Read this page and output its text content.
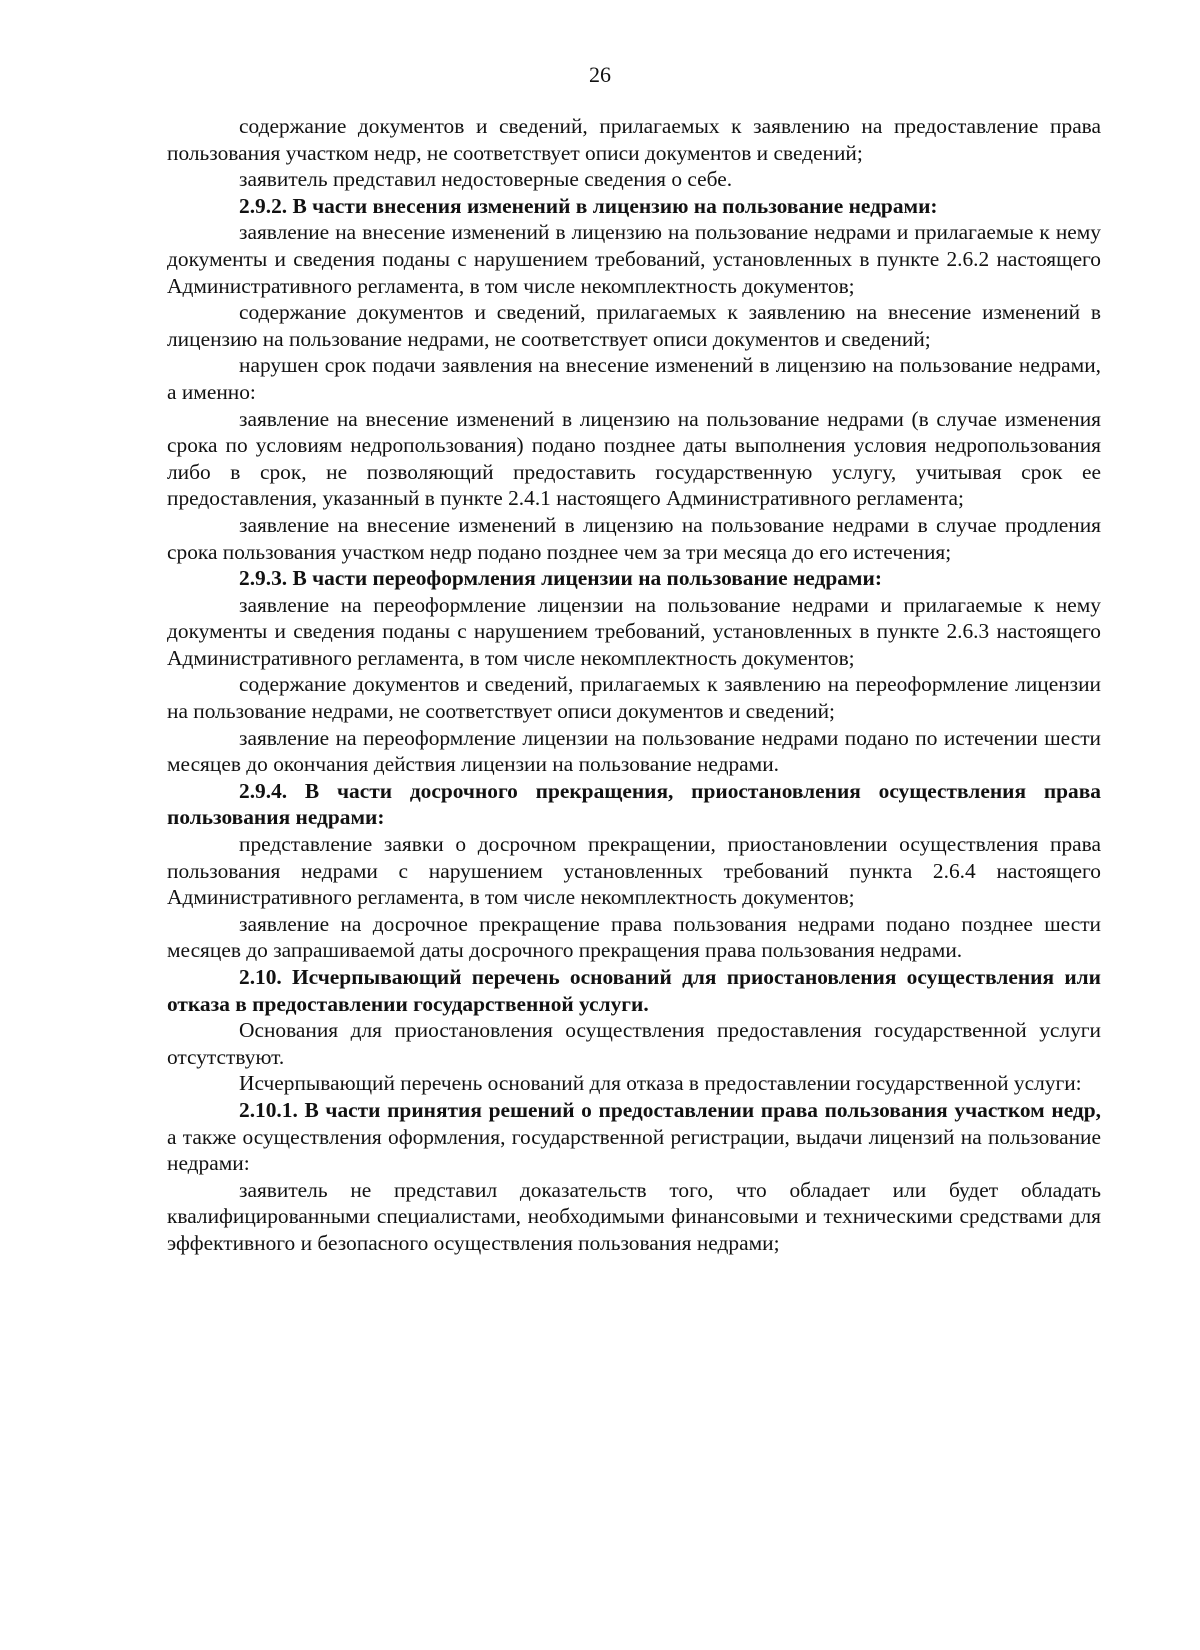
26

содержание документов и сведений, прилагаемых к заявлению на предоставление права пользования участком недр, не соответствует описи документов и сведений;

заявитель представил недостоверные сведения о себе.

2.9.2. В части внесения изменений в лицензию на пользование недрами:

заявление на внесение изменений в лицензию на пользование недрами и прилагаемые к нему документы и сведения поданы с нарушением требований, установленных в пункте 2.6.2 настоящего Административного регламента, в том числе некомплектность документов;

содержание документов и сведений, прилагаемых к заявлению на внесение изменений в лицензию на пользование недрами, не соответствует описи документов и сведений;

нарушен срок подачи заявления на внесение изменений в лицензию на пользование недрами, а именно:

заявление на внесение изменений в лицензию на пользование недрами (в случае изменения срока по условиям недропользования) подано позднее даты выполнения условия недропользования либо в срок, не позволяющий предоставить государственную услугу, учитывая срок ее предоставления, указанный в пункте 2.4.1 настоящего Административного регламента;

заявление на внесение изменений в лицензию на пользование недрами в случае продления срока пользования участком недр подано позднее чем за три месяца до его истечения;

2.9.3. В части переоформления лицензии на пользование недрами:

заявление на переоформление лицензии на пользование недрами и прилагаемые к нему документы и сведения поданы с нарушением требований, установленных в пункте 2.6.3 настоящего Административного регламента, в том числе некомплектность документов;

содержание документов и сведений, прилагаемых к заявлению на переоформление лицензии на пользование недрами, не соответствует описи документов и сведений;

заявление на переоформление лицензии на пользование недрами подано по истечении шести месяцев до окончания действия лицензии на пользование недрами.

2.9.4. В части досрочного прекращения, приостановления осуществления права пользования недрами:

представление заявки о досрочном прекращении, приостановлении осуществления права пользования недрами с нарушением установленных требований пункта 2.6.4 настоящего Административного регламента, в том числе некомплектность документов;

заявление на досрочное прекращение права пользования недрами подано позднее шести месяцев до запрашиваемой даты досрочного прекращения права пользования недрами.

2.10. Исчерпывающий перечень оснований для приостановления осуществления или отказа в предоставлении государственной услуги.

Основания для приостановления осуществления предоставления государственной услуги отсутствуют.

Исчерпывающий перечень оснований для отказа в предоставлении государственной услуги:

2.10.1. В части принятия решений о предоставлении права пользования участком недр, а также осуществления оформления, государственной регистрации, выдачи лицензий на пользование недрами:

заявитель не представил доказательств того, что обладает или будет обладать квалифицированными специалистами, необходимыми финансовыми и техническими средствами для эффективного и безопасного осуществления пользования недрами;
